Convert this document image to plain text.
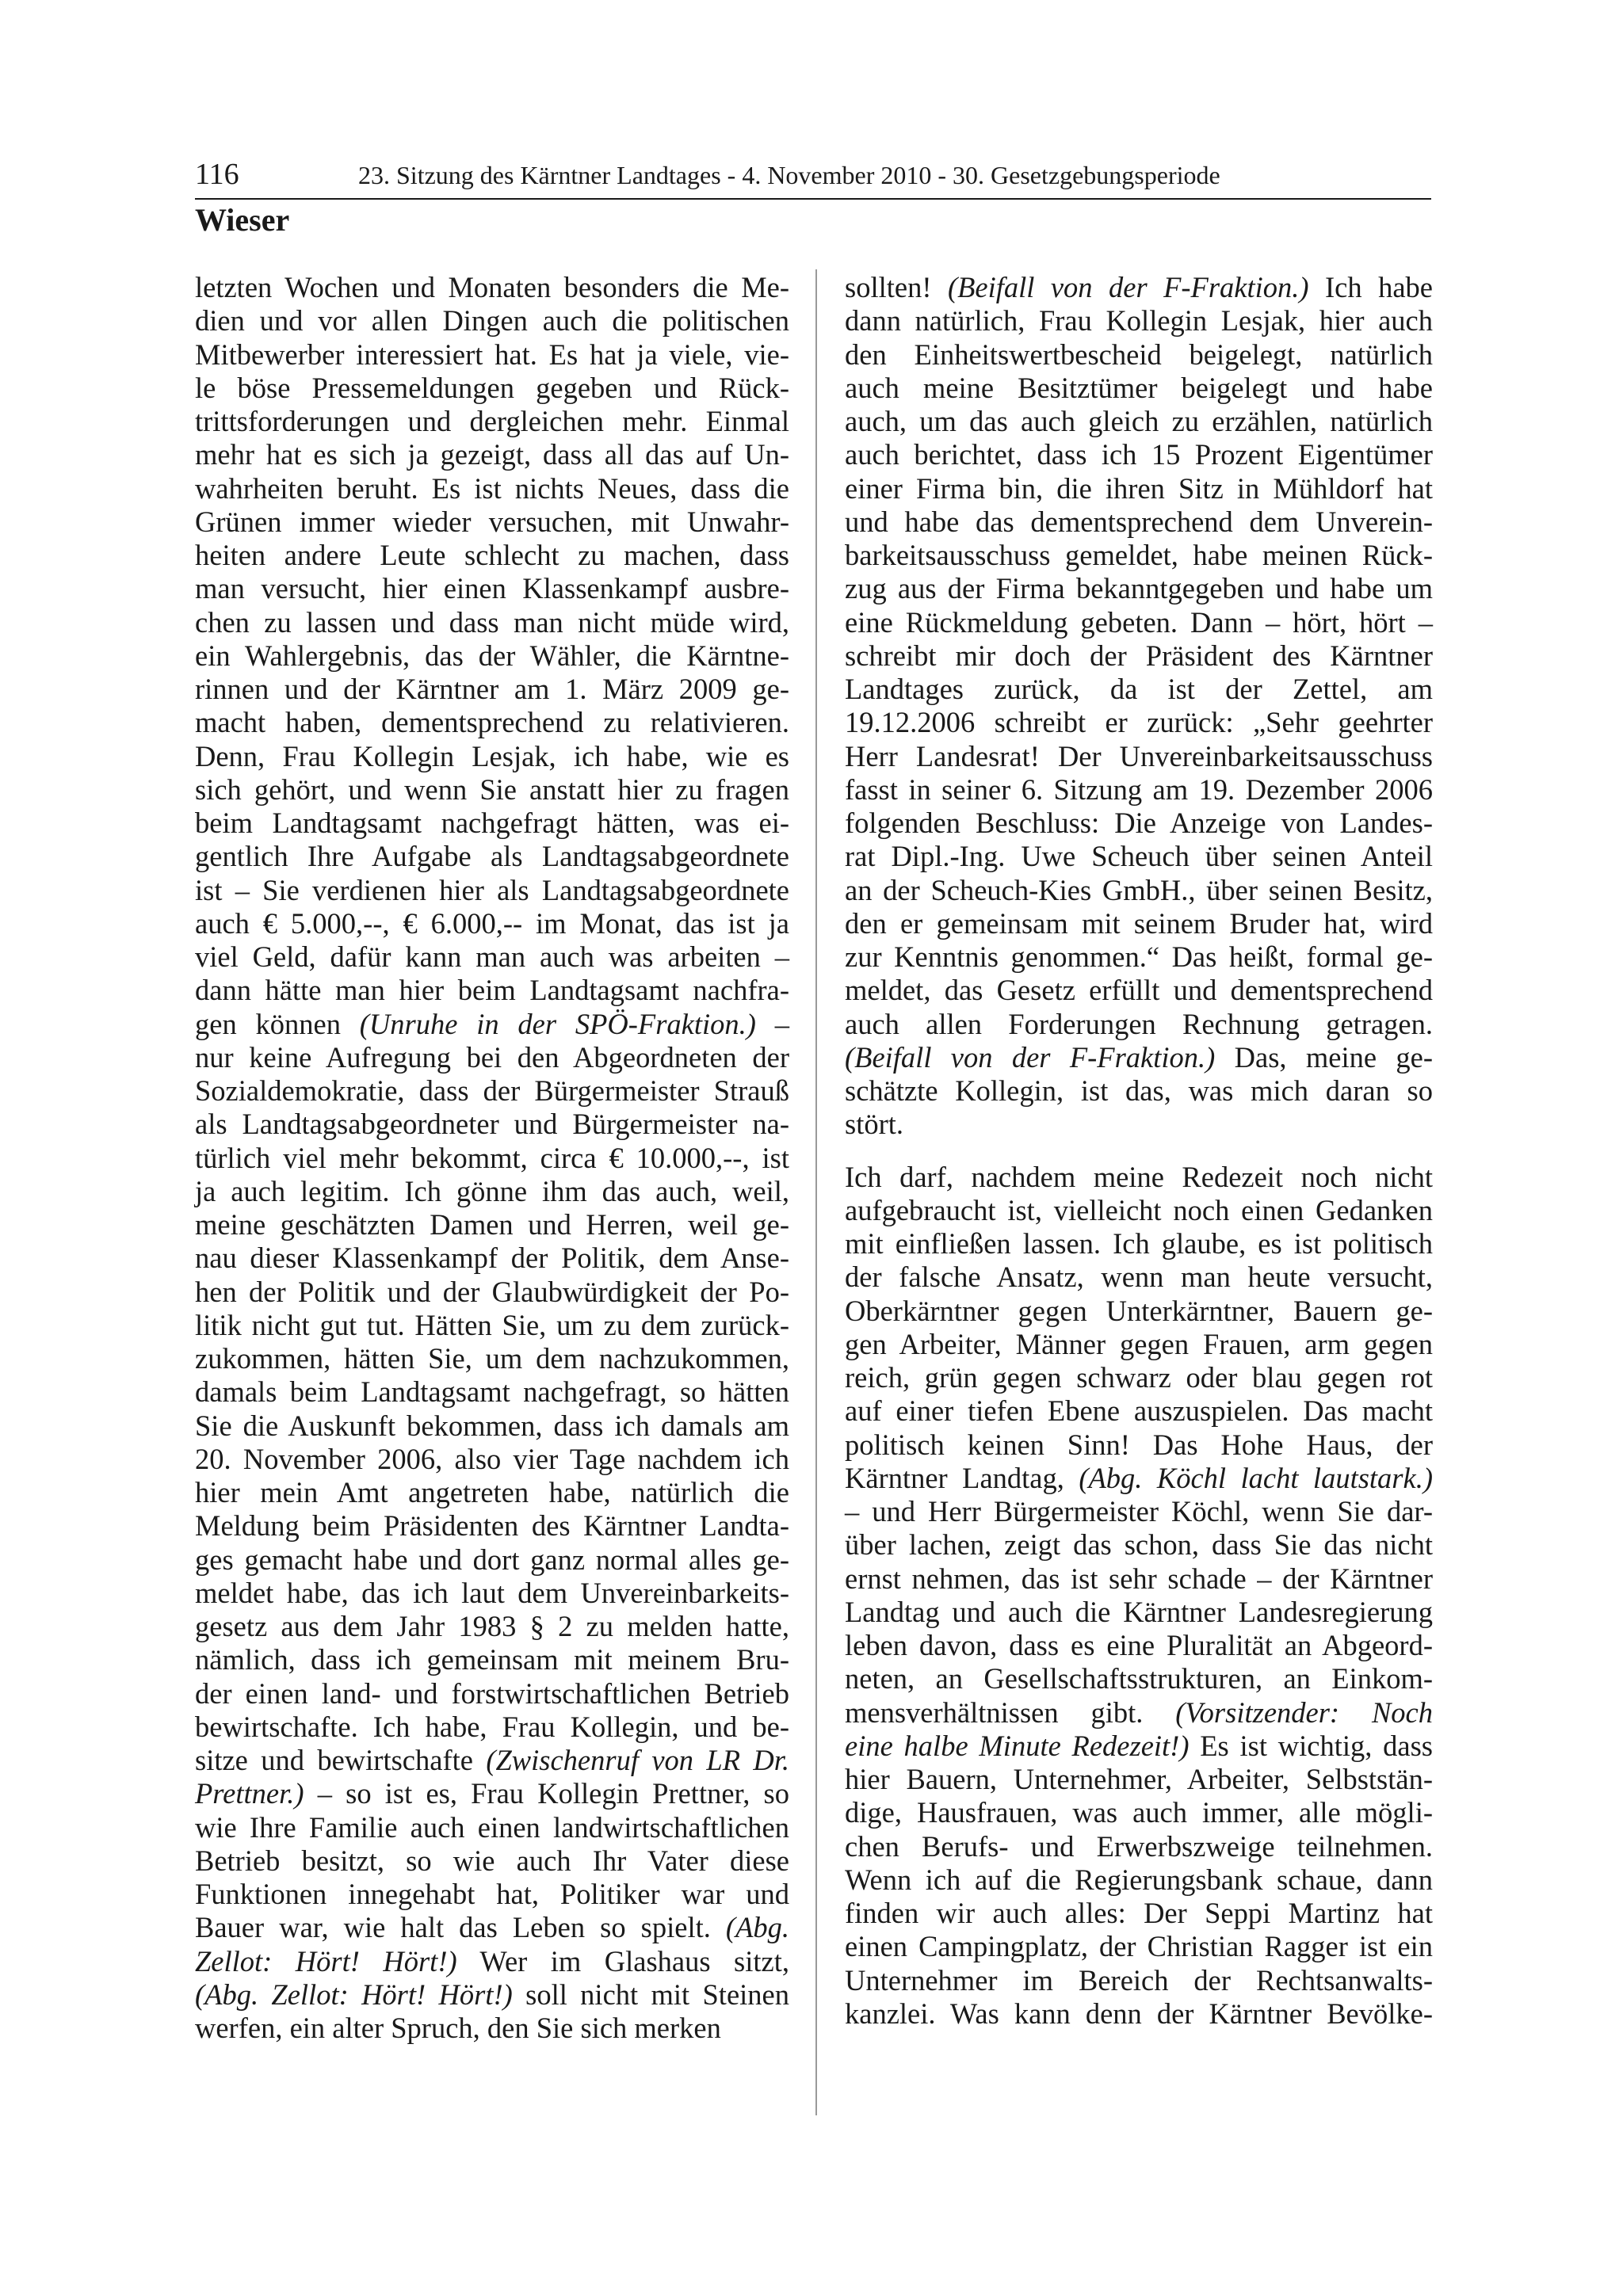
116	23. Sitzung des Kärntner Landtages - 4. November 2010 - 30. Gesetzgebungsperiode
Wieser
letzten Wochen und Monaten besonders die Me-
dien und vor allen Dingen auch die politischen
Mitbewerber interessiert hat. Es hat ja viele, vie-
le böse Pressemeldungen gegeben und Rück-
trittsforderungen und dergleichen mehr. Einmal
mehr hat es sich ja gezeigt, dass all das auf Un-
wahrheiten beruht. Es ist nichts Neues, dass die
Grünen immer wieder versuchen, mit Unwahr-
heiten andere Leute schlecht zu machen, dass
man versucht, hier einen Klassenkampf ausbre-
chen zu lassen und dass man nicht müde wird,
ein Wahlergebnis, das der Wähler, die Kärntne-
rinnen und der Kärntner am 1. März 2009 ge-
macht haben, dementsprechend zu relativieren.
Denn, Frau Kollegin Lesjak, ich habe, wie es
sich gehört, und wenn Sie anstatt hier zu fragen
beim Landtagsamt nachgefragt hätten, was ei-
gentlich Ihre Aufgabe als Landtagsabgeordnete
ist – Sie verdienen hier als Landtagsabgeordnete
auch € 5.000,--, € 6.000,-- im Monat, das ist ja
viel Geld, dafür kann man auch was arbeiten –
dann hätte man hier beim Landtagsamt nachfra-
gen können (Unruhe in der SPÖ-Fraktion.) –
nur keine Aufregung bei den Abgeordneten der
Sozialdemokratie, dass der Bürgermeister Strauß
als Landtagsabgeordneter und Bürgermeister na-
türlich viel mehr bekommt, circa € 10.000,--, ist
ja auch legitim. Ich gönne ihm das auch, weil,
meine geschätzten Damen und Herren, weil ge-
nau dieser Klassenkampf der Politik, dem Anse-
hen der Politik und der Glaubwürdigkeit der Po-
litik nicht gut tut. Hätten Sie, um zu dem zurück-
zukommen, hätten Sie, um dem nachzukommen,
damals beim Landtagsamt nachgefragt, so hätten
Sie die Auskunft bekommen, dass ich damals am
20. November 2006, also vier Tage nachdem ich
hier mein Amt angetreten habe, natürlich die
Meldung beim Präsidenten des Kärntner Landta-
ges gemacht habe und dort ganz normal alles ge-
meldet habe, das ich laut dem Unvereinbarkeits-
gesetz aus dem Jahr 1983 § 2 zu melden hatte,
nämlich, dass ich gemeinsam mit meinem Bru-
der einen land- und forstwirtschaftlichen Betrieb
bewirtschafte. Ich habe, Frau Kollegin, und be-
sitze und bewirtschafte (Zwischenruf von LR Dr.
Prettner.) – so ist es, Frau Kollegin Prettner, so
wie Ihre Familie auch einen landwirtschaftlichen
Betrieb besitzt, so wie auch Ihr Vater diese
Funktionen innegehabt hat, Politiker war und
Bauer war, wie halt das Leben so spielt. (Abg.
Zellot: Hört! Hört!) Wer im Glashaus sitzt,
(Abg. Zellot: Hört! Hört!) soll nicht mit Steinen
werfen, ein alter Spruch, den Sie sich merken
sollten! (Beifall von der F-Fraktion.) Ich habe
dann natürlich, Frau Kollegin Lesjak, hier auch
den Einheitswertbescheid beigelegt, natürlich
auch meine Besitztümer beigelegt und habe
auch, um das auch gleich zu erzählen, natürlich
auch berichtet, dass ich 15 Prozent Eigentümer
einer Firma bin, die ihren Sitz in Mühldorf hat
und habe das dementsprechend dem Unverein-
barkeitsausschuss gemeldet, habe meinen Rück-
zug aus der Firma bekanntgegeben und habe um
eine Rückmeldung gebeten. Dann – hört, hört –
schreibt mir doch der Präsident des Kärntner
Landtages zurück, da ist der Zettel, am
19.12.2006 schreibt er zurück: „Sehr geehrter
Herr Landesrat! Der Unvereinbarkeitsausschuss
fasst in seiner 6. Sitzung am 19. Dezember 2006
folgenden Beschluss: Die Anzeige von Landes-
rat Dipl.-Ing. Uwe Scheuch über seinen Anteil
an der Scheuch-Kies GmbH., über seinen Besitz,
den er gemeinsam mit seinem Bruder hat, wird
zur Kenntnis genommen.“ Das heißt, formal ge-
meldet, das Gesetz erfüllt und dementsprechend
auch allen Forderungen Rechnung getragen.
(Beifall von der F-Fraktion.) Das, meine ge-
schätzte Kollegin, ist das, was mich daran so
stört.
Ich darf, nachdem meine Redezeit noch nicht
aufgebraucht ist, vielleicht noch einen Gedanken
mit einfließen lassen. Ich glaube, es ist politisch
der falsche Ansatz, wenn man heute versucht,
Oberkärntner gegen Unterkärntner, Bauern ge-
gen Arbeiter, Männer gegen Frauen, arm gegen
reich, grün gegen schwarz oder blau gegen rot
auf einer tiefen Ebene auszuspielen. Das macht
politisch keinen Sinn! Das Hohe Haus, der
Kärntner Landtag, (Abg. Köchl lacht lautstark.)
– und Herr Bürgermeister Köchl, wenn Sie dar-
über lachen, zeigt das schon, dass Sie das nicht
ernst nehmen, das ist sehr schade – der Kärntner
Landtag und auch die Kärntner Landesregierung
leben davon, dass es eine Pluralität an Abgeord-
neten, an Gesellschaftsstrukturen, an Einkom-
mensverhältnissen gibt. (Vorsitzender: Noch
eine halbe Minute Redezeit!) Es ist wichtig, dass
hier Bauern, Unternehmer, Arbeiter, Selbststän-
dige, Hausfrauen, was auch immer, alle mögli-
chen Berufs- und Erwerbszweige teilnehmen.
Wenn ich auf die Regierungsbank schaue, dann
finden wir auch alles: Der Seppi Martinz hat
einen Campingplatz, der Christian Ragger ist ein
Unternehmer im Bereich der Rechtsanwalts-
kanzlei. Was kann denn der Kärntner Bevölke-
